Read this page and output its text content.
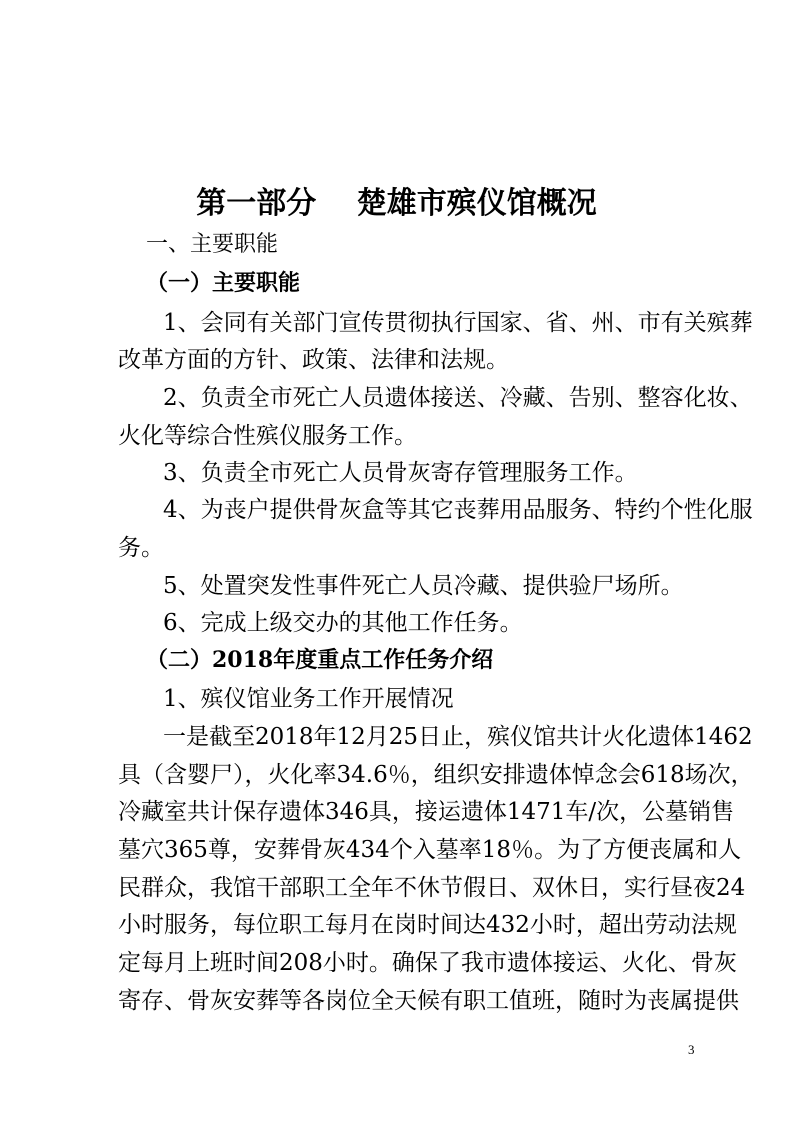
第一部分　 楚雄市殡仪馆概况

一、主要职能

（一）主要职能

1、会同有关部门宣传贯彻执行国家、省、州、市有关殡葬

改革方面的方针、政策、法律和法规。

2、负责全市死亡人员遗体接送、冷藏、告别、整容化妆、

火化等综合性殡仪服务工作。

3、负责全市死亡人员骨灰寄存管理服务工作。

4、为丧户提供骨灰盒等其它丧葬用品服务、特约个性化服

务。

5、处置突发性事件死亡人员冷藏、提供验尸场所。

6、完成上级交办的其他工作任务。

（二）2018年度重点工作任务介绍

1、殡仪馆业务工作开展情况

一是截至2018年12月25日止，殡仪馆共计火化遗体1462

具（含婴尸），火化率34.6％，组织安排遗体悼念会618场次，

冷藏室共计保存遗体346具，接运遗体1471车/次，公墓销售

墓穴365尊，安葬骨灰434个入墓率18％。为了方便丧属和人

民群众，我馆干部职工全年不休节假日、双休日，实行昼夜24

小时服务，每位职工每月在岗时间达432小时，超出劳动法规

定每月上班时间208小时。确保了我市遗体接运、火化、骨灰

寄存、骨灰安葬等各岗位全天候有职工值班，随时为丧属提供

3
